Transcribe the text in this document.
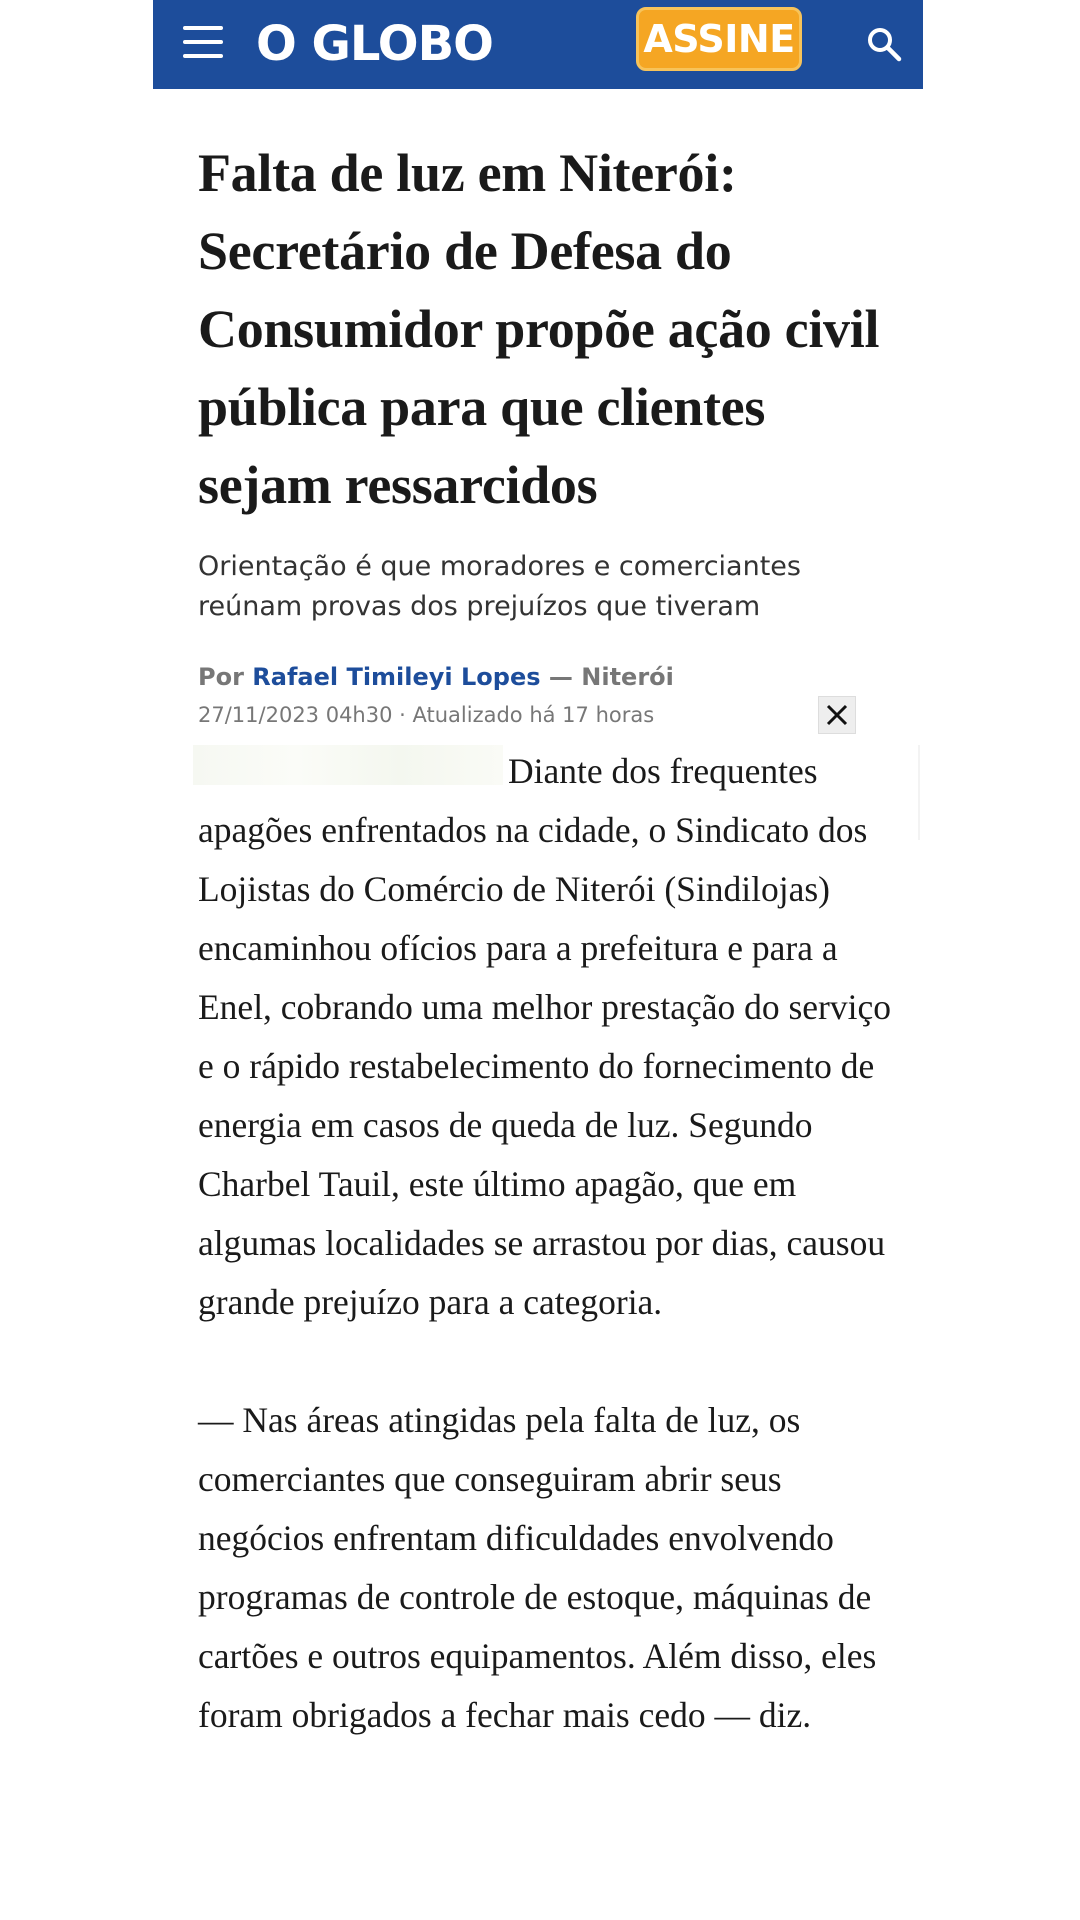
O GLOBO	ASSINE
Falta de luz em Niterói: Secretário de Defesa do Consumidor propõe ação civil pública para que clientes sejam ressarcidos

Orientação é que moradores e comerciantes reúnam provas dos prejuízos que tiveram

Por Rafael Timileyi Lopes — Niterói
27/11/2023 04h30 · Atualizado há 17 horas

Diante dos frequentes apagões enfrentados na cidade, o Sindicato dos Lojistas do Comércio de Niterói (Sindilojas) encaminhou ofícios para a prefeitura e para a Enel, cobrando uma melhor prestação do serviço e o rápido restabelecimento do fornecimento de energia em casos de queda de luz. Segundo Charbel Tauil, este último apagão, que em algumas localidades se arrastou por dias, causou grande prejuízo para a categoria.

— Nas áreas atingidas pela falta de luz, os comerciantes que conseguiram abrir seus negócios enfrentam dificuldades envolvendo programas de controle de estoque, máquinas de cartões e outros equipamentos. Além disso, eles foram obrigados a fechar mais cedo — diz.
